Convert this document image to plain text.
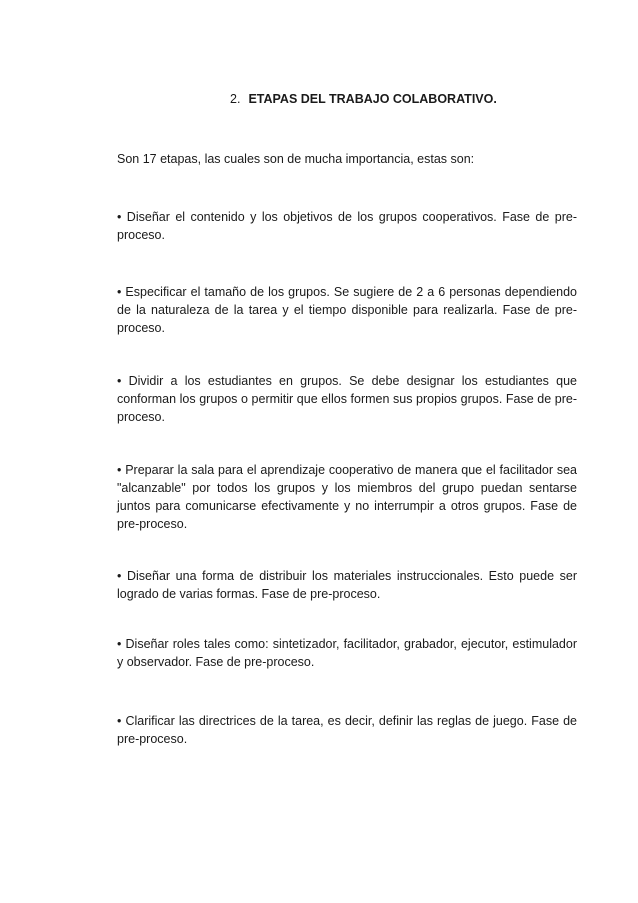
2. ETAPAS DEL TRABAJO COLABORATIVO.

Son 17 etapas, las cuales son de mucha importancia, estas son:

• Diseñar el contenido y los objetivos de los grupos cooperativos. Fase de pre-proceso.

• Especificar el tamaño de los grupos. Se sugiere de 2 a 6 personas dependiendo de la naturaleza de la tarea y el tiempo disponible para realizarla. Fase de pre-proceso.

• Dividir a los estudiantes en grupos. Se debe designar los estudiantes que conforman los grupos o permitir que ellos formen sus propios grupos. Fase de pre-proceso.

• Preparar la sala para el aprendizaje cooperativo de manera que el facilitador sea "alcanzable" por todos los grupos y los miembros del grupo puedan sentarse juntos para comunicarse efectivamente y no interrumpir a otros grupos. Fase de pre-proceso.

• Diseñar una forma de distribuir los materiales instruccionales. Esto puede ser logrado de varias formas. Fase de pre-proceso.

• Diseñar roles tales como: sintetizador, facilitador, grabador, ejecutor, estimulador y observador. Fase de pre-proceso.

• Clarificar las directrices de la tarea, es decir, definir las reglas de juego. Fase de pre-proceso.
